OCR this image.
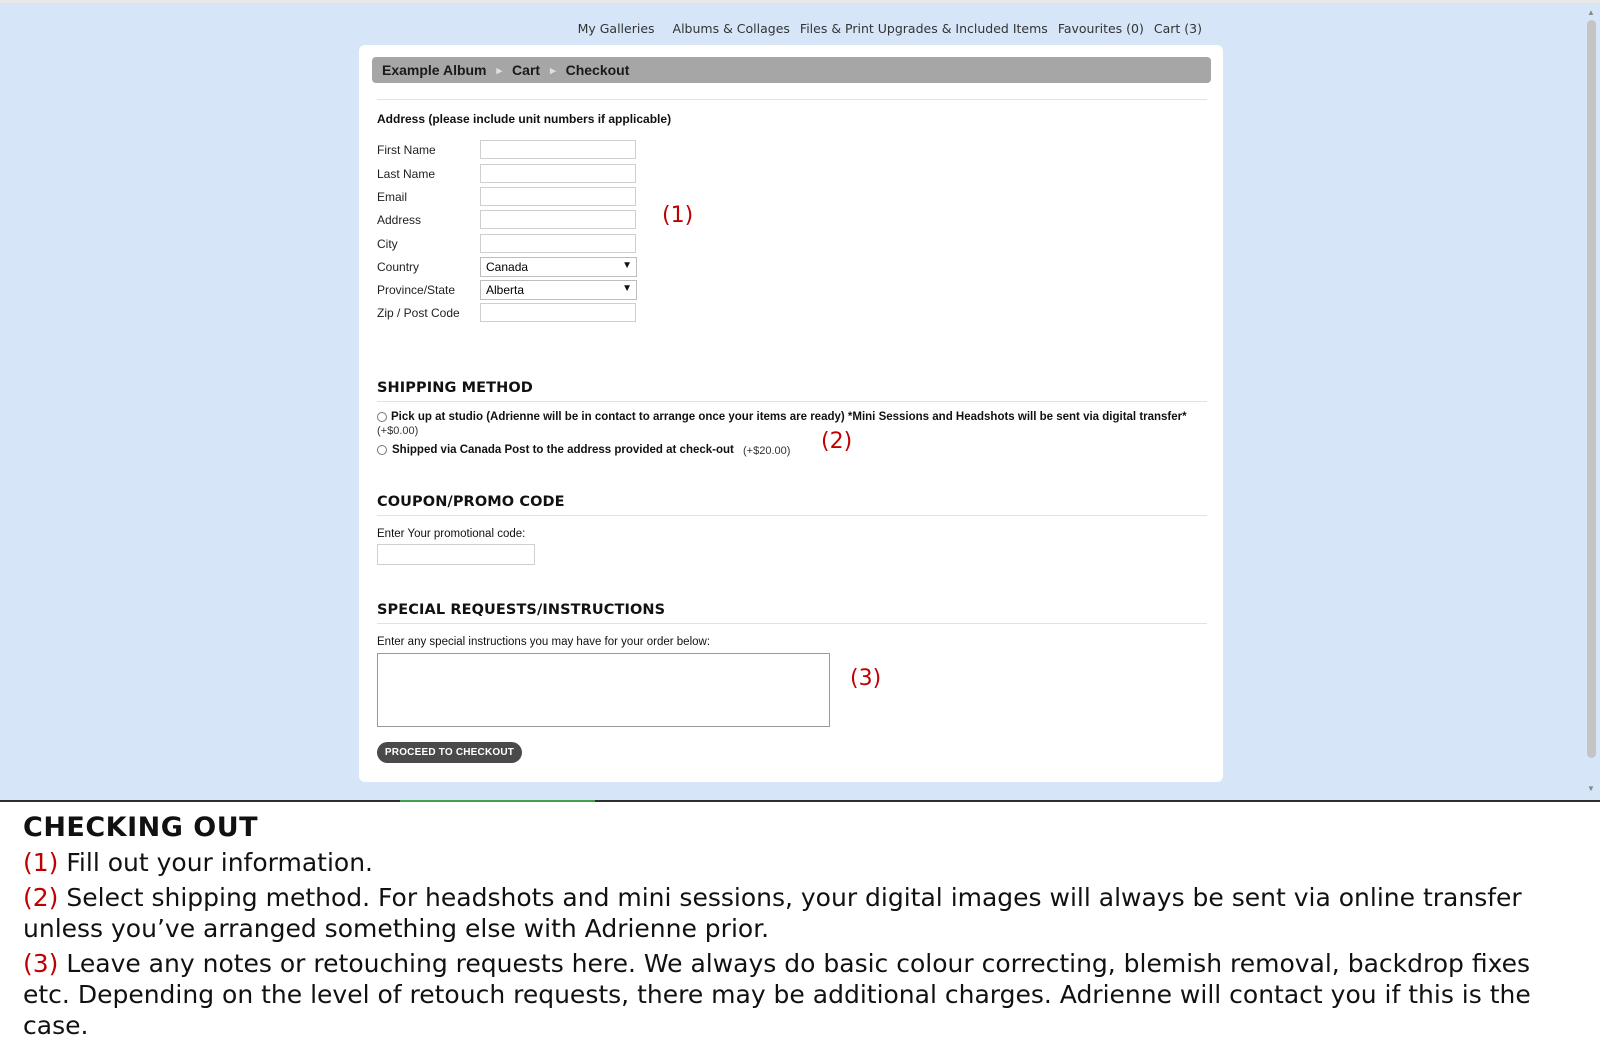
My Galleries Albums & Collages Files & Print Upgrades & Included Items Favourites (0) Cart (3)
Example Album ▸ Cart ▸ Checkout
Address (please include unit numbers if applicable)
First Name
Last Name
Email
Address
City
Country	Canada	▼
Province/State	Alberta	▼
Zip / Post Code
(1)
SHIPPING METHOD
Pick up at studio (Adrienne will be in contact to arrange once your items are ready) *Mini Sessions and Headshots will be sent via digital transfer*
(+$0.00)
Shipped via Canada Post to the address provided at check-out (+$20.00) (2)
COUPON/PROMO CODE
Enter Your promotional code:
SPECIAL REQUESTS/INSTRUCTIONS
Enter any special instructions you may have for your order below:
(3)
PROCEED TO CHECKOUT
▲
▼
CHECKING OUT

(1) Fill out your information.

(2) Select shipping method. For headshots and mini sessions, your digital images will always be sent via online transfer unless you’ve arranged something else with Adrienne prior.

(3) Leave any notes or retouching requests here. We always do basic colour correcting, blemish removal, backdrop fixes etc. Depending on the level of retouch requests, there may be additional charges. Adrienne will contact you if this is the case.
